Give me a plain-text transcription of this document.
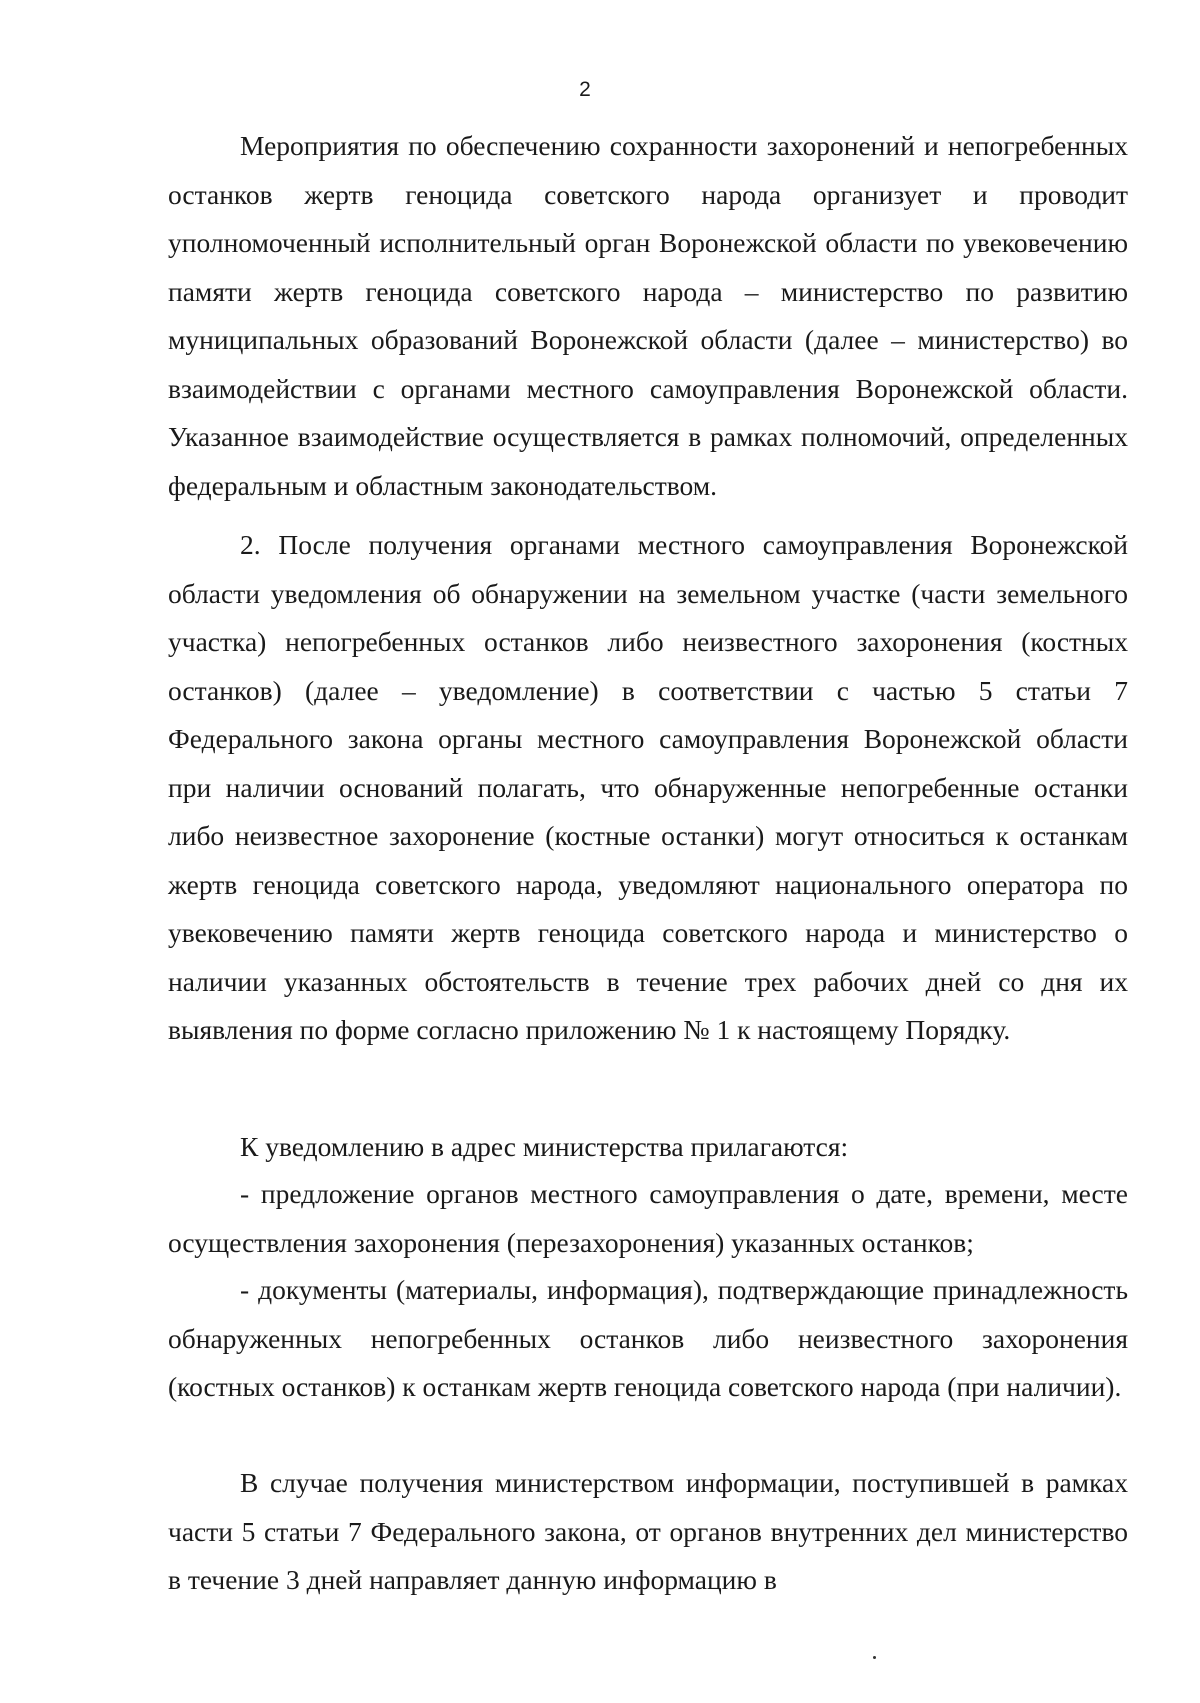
2

Мероприятия по обеспечению сохранности захоронений и непогребенных останков жертв геноцида советского народа организует и проводит уполномоченный исполнительный орган Воронежской области по увековечению памяти жертв геноцида советского народа – министерство по развитию муниципальных образований Воронежской области (далее – министерство) во взаимодействии с органами местного самоуправления Воронежской области. Указанное взаимодействие осуществляется в рамках полномочий, определенных федеральным и областным законодательством.

2. После получения органами местного самоуправления Воронежской области уведомления об обнаружении на земельном участке (части земельного участка) непогребенных останков либо неизвестного захоронения (костных останков) (далее – уведомление) в соответствии с частью 5 статьи 7 Федерального закона органы местного самоуправления Воронежской области при наличии оснований полагать, что обнаруженные непогребенные останки либо неизвестное захоронение (костные останки) могут относиться к останкам жертв геноцида советского народа, уведомляют национального оператора по увековечению памяти жертв геноцида советского народа и министерство о наличии указанных обстоятельств в течение трех рабочих дней со дня их выявления по форме согласно приложению № 1 к настоящему Порядку.

К уведомлению в адрес министерства прилагаются:

- предложение органов местного самоуправления о дате, времени, месте осуществления захоронения (перезахоронения) указанных останков;

- документы (материалы, информация), подтверждающие принадлежность обнаруженных непогребенных останков либо неизвестного захоронения (костных останков) к останкам жертв геноцида советского народа (при наличии).

В случае получения министерством информации, поступившей в рамках части 5 статьи 7 Федерального закона, от органов внутренних дел министерство в течение 3 дней направляет данную информацию в
